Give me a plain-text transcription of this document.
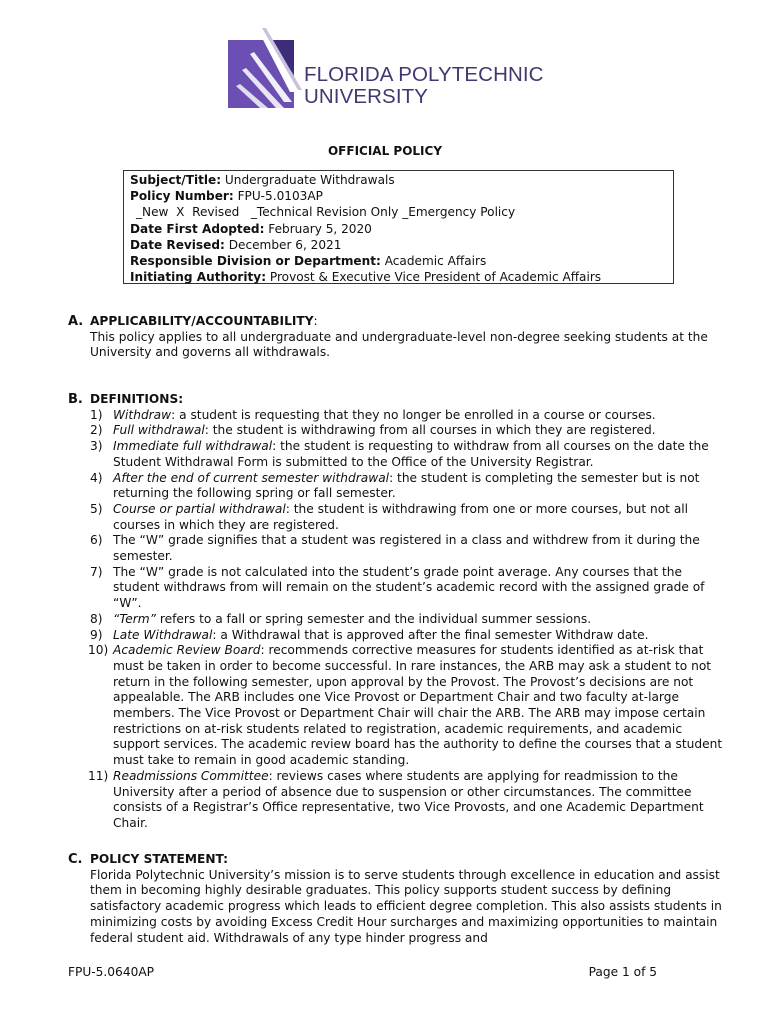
FLORIDA POLYTECHNIC
UNIVERSITY
OFFICIAL POLICY
Subject/Title: Undergraduate Withdrawals
Policy Number: FPU-5.0103AP
_New  X  Revised   _Technical Revision Only _Emergency Policy
Date First Adopted: February 5, 2020
Date Revised: December 6, 2021
Responsible Division or Department: Academic Affairs
Initiating Authority: Provost & Executive Vice President of Academic Affairs
A. APPLICABILITY/ACCOUNTABILITY:

This policy applies to all undergraduate and undergraduate-level non-degree seeking students at the University and governs all withdrawals.

B. DEFINITIONS:
1) Withdraw: a student is requesting that they no longer be enrolled in a course or courses.
2) Full withdrawal: the student is withdrawing from all courses in which they are registered.
3) Immediate full withdrawal: the student is requesting to withdraw from all courses on the date the Student Withdrawal Form is submitted to the Office of the University Registrar.
4) After the end of current semester withdrawal: the student is completing the semester but is not returning the following spring or fall semester.
5) Course or partial withdrawal: the student is withdrawing from one or more courses, but not all courses in which they are registered.
6) The “W” grade signifies that a student was registered in a class and withdrew from it during the semester.
7) The “W” grade is not calculated into the student’s grade point average. Any courses that the student withdraws from will remain on the student’s academic record with the assigned grade of “W”.
8) “Term” refers to a fall or spring semester and the individual summer sessions.
9) Late Withdrawal: a Withdrawal that is approved after the final semester Withdraw date.
10) Academic Review Board: recommends corrective measures for students identified as at-risk that must be taken in order to become successful. In rare instances, the ARB may ask a student to not return in the following semester, upon approval by the Provost. The Provost’s decisions are not appealable. The ARB includes one Vice Provost or Department Chair and two faculty at-large members. The Vice Provost or Department Chair will chair the ARB. The ARB may impose certain restrictions on at-risk students related to registration, academic requirements, and academic support services. The academic review board has the authority to define the courses that a student must take to remain in good academic standing.
11) Readmissions Committee: reviews cases where students are applying for readmission to the University after a period of absence due to suspension or other circumstances. The committee consists of a Registrar’s Office representative, two Vice Provosts, and one Academic Department Chair.
C. POLICY STATEMENT:

Florida Polytechnic University’s mission is to serve students through excellence in education and assist them in becoming highly desirable graduates. This policy supports student success by defining satisfactory academic progress which leads to efficient degree completion. This also assists students in minimizing costs by avoiding Excess Credit Hour surcharges and maximizing opportunities to maintain federal student aid. Withdrawals of any type hinder progress and

FPU-5.0640AP	Page 1 of 5
